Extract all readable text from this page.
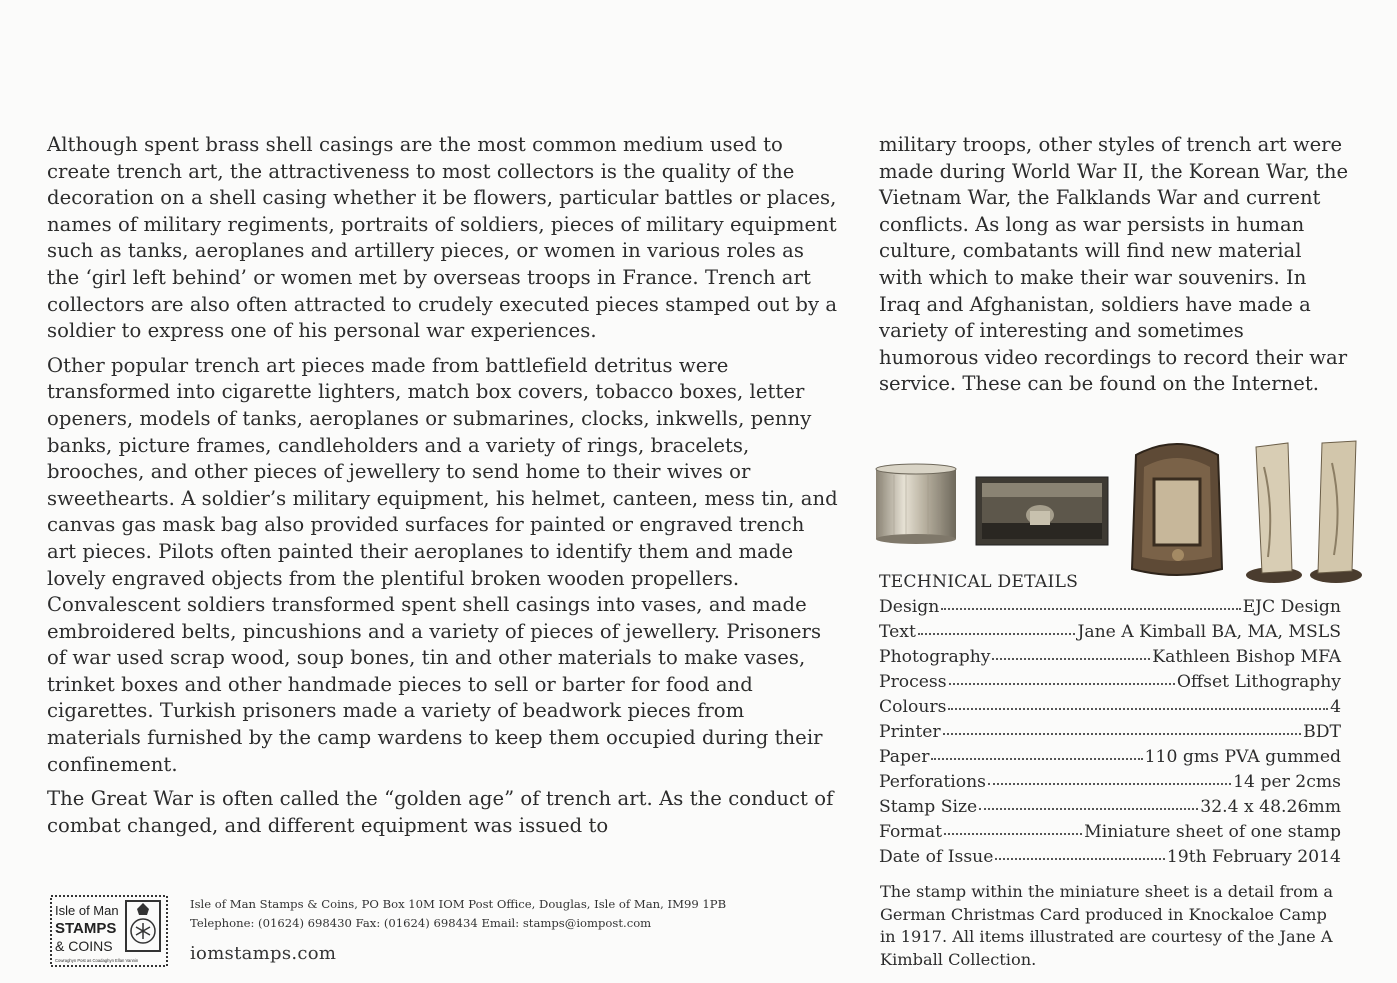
Although spent brass shell casings are the most common medium used to create trench art, the attractiveness to most collectors is the quality of the decoration on a shell casing whether it be flowers, particular battles or places, names of military regiments, portraits of soldiers, pieces of military equipment such as tanks, aeroplanes and artillery pieces, or women in various roles as the ‘girl left behind’ or women met by overseas troops in France. Trench art collectors are also often attracted to crudely executed pieces stamped out by a soldier to express one of his personal war experiences.

Other popular trench art pieces made from battlefield detritus were transformed into cigarette lighters, match box covers, tobacco boxes, letter openers, models of tanks, aeroplanes or submarines, clocks, inkwells, penny banks, picture frames, candleholders and a variety of rings, bracelets, brooches, and other pieces of jewellery to send home to their wives or sweethearts. A soldier’s military equipment, his helmet, canteen, mess tin, and canvas gas mask bag also provided surfaces for painted or engraved trench art pieces. Pilots often painted their aeroplanes to identify them and made lovely engraved objects from the plentiful broken wooden propellers. Convalescent soldiers transformed spent shell casings into vases, and made embroidered belts, pincushions and a variety of pieces of jewellery. Prisoners of war used scrap wood, soup bones, tin and other materials to make vases, trinket boxes and other handmade pieces to sell or barter for food and cigarettes. Turkish prisoners made a variety of beadwork pieces from materials furnished by the camp wardens to keep them occupied during their confinement.

The Great War is often called the “golden age” of trench art. As the conduct of combat changed, and different equipment was issued to

military troops, other styles of trench art were made during World War II, the Korean War, the Vietnam War, the Falklands War and current conflicts. As long as war persists in human culture, combatants will find new material with which to make their war souvenirs. In Iraq and Afghanistan, soldiers have made a variety of interesting and sometimes humorous video recordings to record their war service. These can be found on the Internet.

TECHNICAL DETAILS
Design	EJC Design
Text	Jane A Kimball BA, MA, MSLS
Photography	Kathleen Bishop MFA
Process	Offset Lithography
Colours	4
Printer	BDT
Paper	110 gms PVA gummed
Perforations	14 per 2cms
Stamp Size	32.4 x 48.26mm
Format	Miniature sheet of one stamp
Date of Issue	19th February 2014
The stamp within the miniature sheet is a detail from a German Christmas Card produced in Knockaloe Camp in 1917. All items illustrated are courtesy of the Jane A Kimball Collection.
Isle of Man
STAMPS
& COINS
Cowraghyn Post as Coadaghyn Ellan Vannin
Isle of Man Stamps & Coins, PO Box 10M IOM Post Office, Douglas, Isle of Man, IM99 1PB
Telephone: (01624) 698430 Fax: (01624) 698434 Email: stamps@iompost.com
iomstamps.com
